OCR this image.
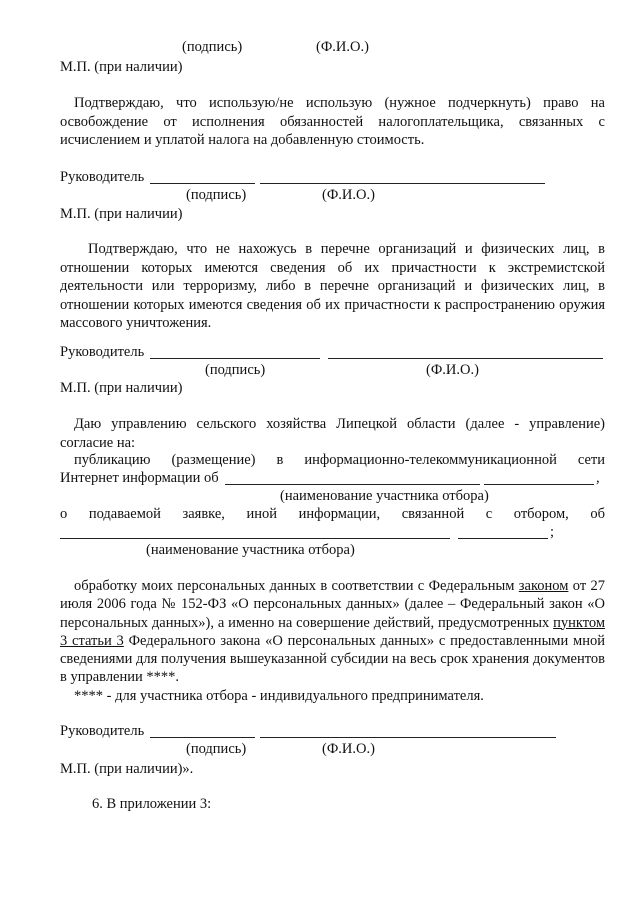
(подпись)	(Ф.И.О.)
М.П. (при наличии)
Подтверждаю, что использую/не использую (нужное подчеркнуть) право на освобождение от исполнения обязанностей налогоплательщика, связанных с исчислением и уплатой налога на добавленную стоимость.
Руководитель
(подпись)	(Ф.И.О.)
М.П. (при наличии)
Подтверждаю, что не нахожусь в перечне организаций и физических лиц, в отношении которых имеются сведения об их причастности к экстремистской деятельности или терроризму, либо в перечне организаций и физических лиц, в отношении которых имеются сведения об их причастности к распространению оружия массового уничтожения.
Руководитель
(подпись)	(Ф.И.О.)
М.П. (при наличии)
Даю управлению сельского хозяйства Липецкой области (далее - управление) согласие на:
публикацию (размещение) в информационно-телекоммуникационной сети
Интернет информации об	,
(наименование участника отбора)
о подаваемой заявке, иной информации, связанной с отбором, об
;
(наименование участника отбора)
обработку моих персональных данных в соответствии с Федеральным законом от 27 июля 2006 года № 152-ФЗ «О персональных данных» (далее – Федеральный закон «О персональных данных»), а именно на совершение действий, предусмотренных пунктом 3 статьи 3 Федерального закона «О персональных данных» с предоставленными мной сведениями для получения вышеуказанной субсидии на весь срок хранения документов в управлении ****.
**** - для участника отбора - индивидуального предпринимателя.
Руководитель
(подпись)	(Ф.И.О.)
М.П. (при наличии)».
6. В приложении 3:
